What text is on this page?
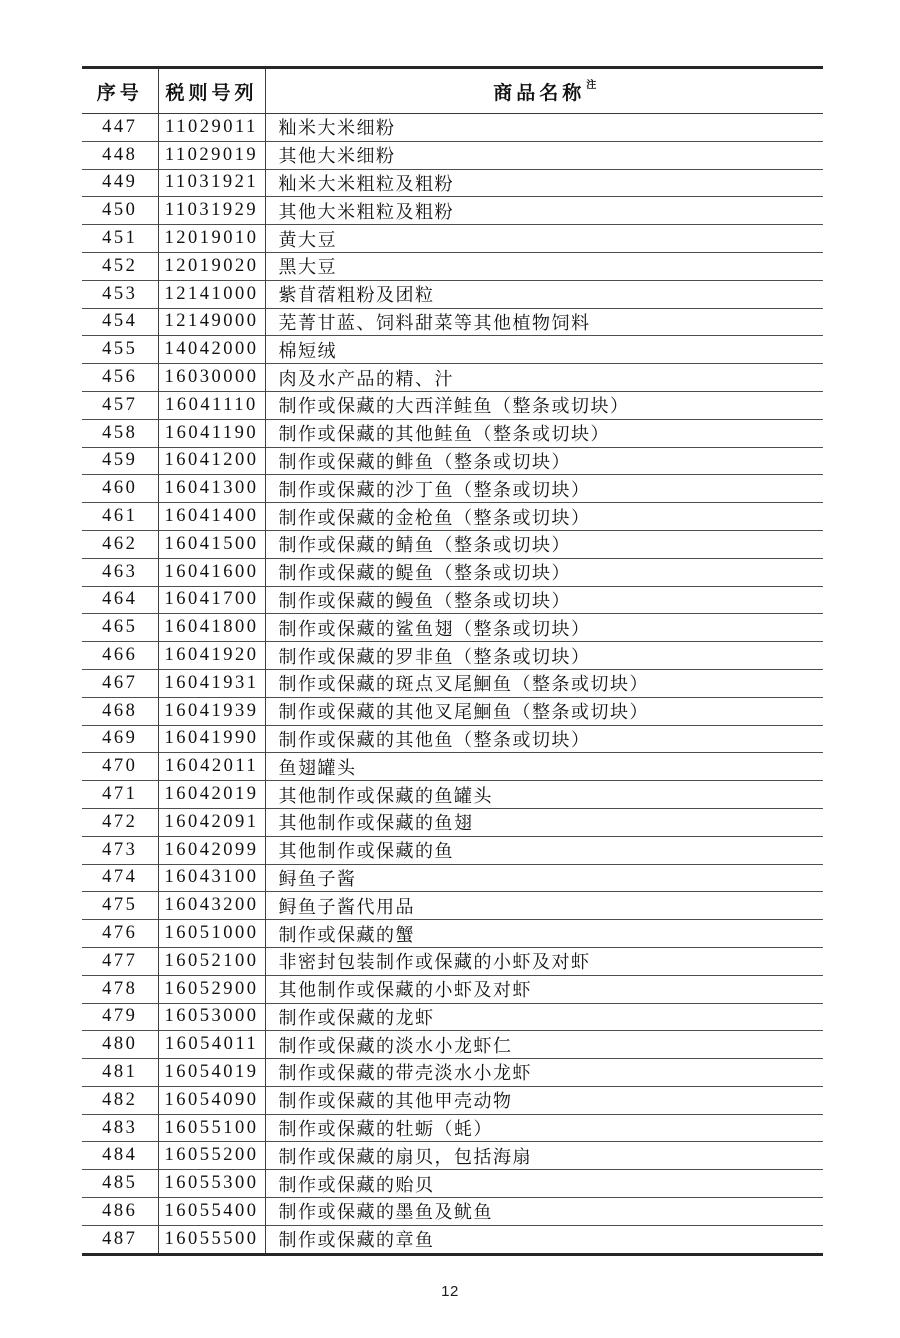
序号	税则号列	商品名称$^注$
447	11029011	籼米大米细粉
448	11029019	其他大米细粉
449	11031921	籼米大米粗粒及粗粉
450	11031929	其他大米粗粒及粗粉
451	12019010	黄大豆
452	12019020	黑大豆
453	12141000	紫苜蓿粗粉及团粒
454	12149000	芜菁甘蓝、饲料甜菜等其他植物饲料
455	14042000	棉短绒
456	16030000	肉及水产品的精、汁
457	16041110	制作或保藏的大西洋鲑鱼（整条或切块）
458	16041190	制作或保藏的其他鲑鱼（整条或切块）
459	16041200	制作或保藏的鲱鱼（整条或切块）
460	16041300	制作或保藏的沙丁鱼（整条或切块）
461	16041400	制作或保藏的金枪鱼（整条或切块）
462	16041500	制作或保藏的鲭鱼（整条或切块）
463	16041600	制作或保藏的鳀鱼（整条或切块）
464	16041700	制作或保藏的鳗鱼（整条或切块）
465	16041800	制作或保藏的鲨鱼翅（整条或切块）
466	16041920	制作或保藏的罗非鱼（整条或切块）
467	16041931	制作或保藏的斑点叉尾鮰鱼（整条或切块）
468	16041939	制作或保藏的其他叉尾鮰鱼（整条或切块）
469	16041990	制作或保藏的其他鱼（整条或切块）
470	16042011	鱼翅罐头
471	16042019	其他制作或保藏的鱼罐头
472	16042091	其他制作或保藏的鱼翅
473	16042099	其他制作或保藏的鱼
474	16043100	鲟鱼子酱
475	16043200	鲟鱼子酱代用品
476	16051000	制作或保藏的蟹
477	16052100	非密封包装制作或保藏的小虾及对虾
478	16052900	其他制作或保藏的小虾及对虾
479	16053000	制作或保藏的龙虾
480	16054011	制作或保藏的淡水小龙虾仁
481	16054019	制作或保藏的带壳淡水小龙虾
482	16054090	制作或保藏的其他甲壳动物
483	16055100	制作或保藏的牡蛎（蚝）
484	16055200	制作或保藏的扇贝，包括海扇
485	16055300	制作或保藏的贻贝
486	16055400	制作或保藏的墨鱼及鱿鱼
487	16055500	制作或保藏的章鱼
12
